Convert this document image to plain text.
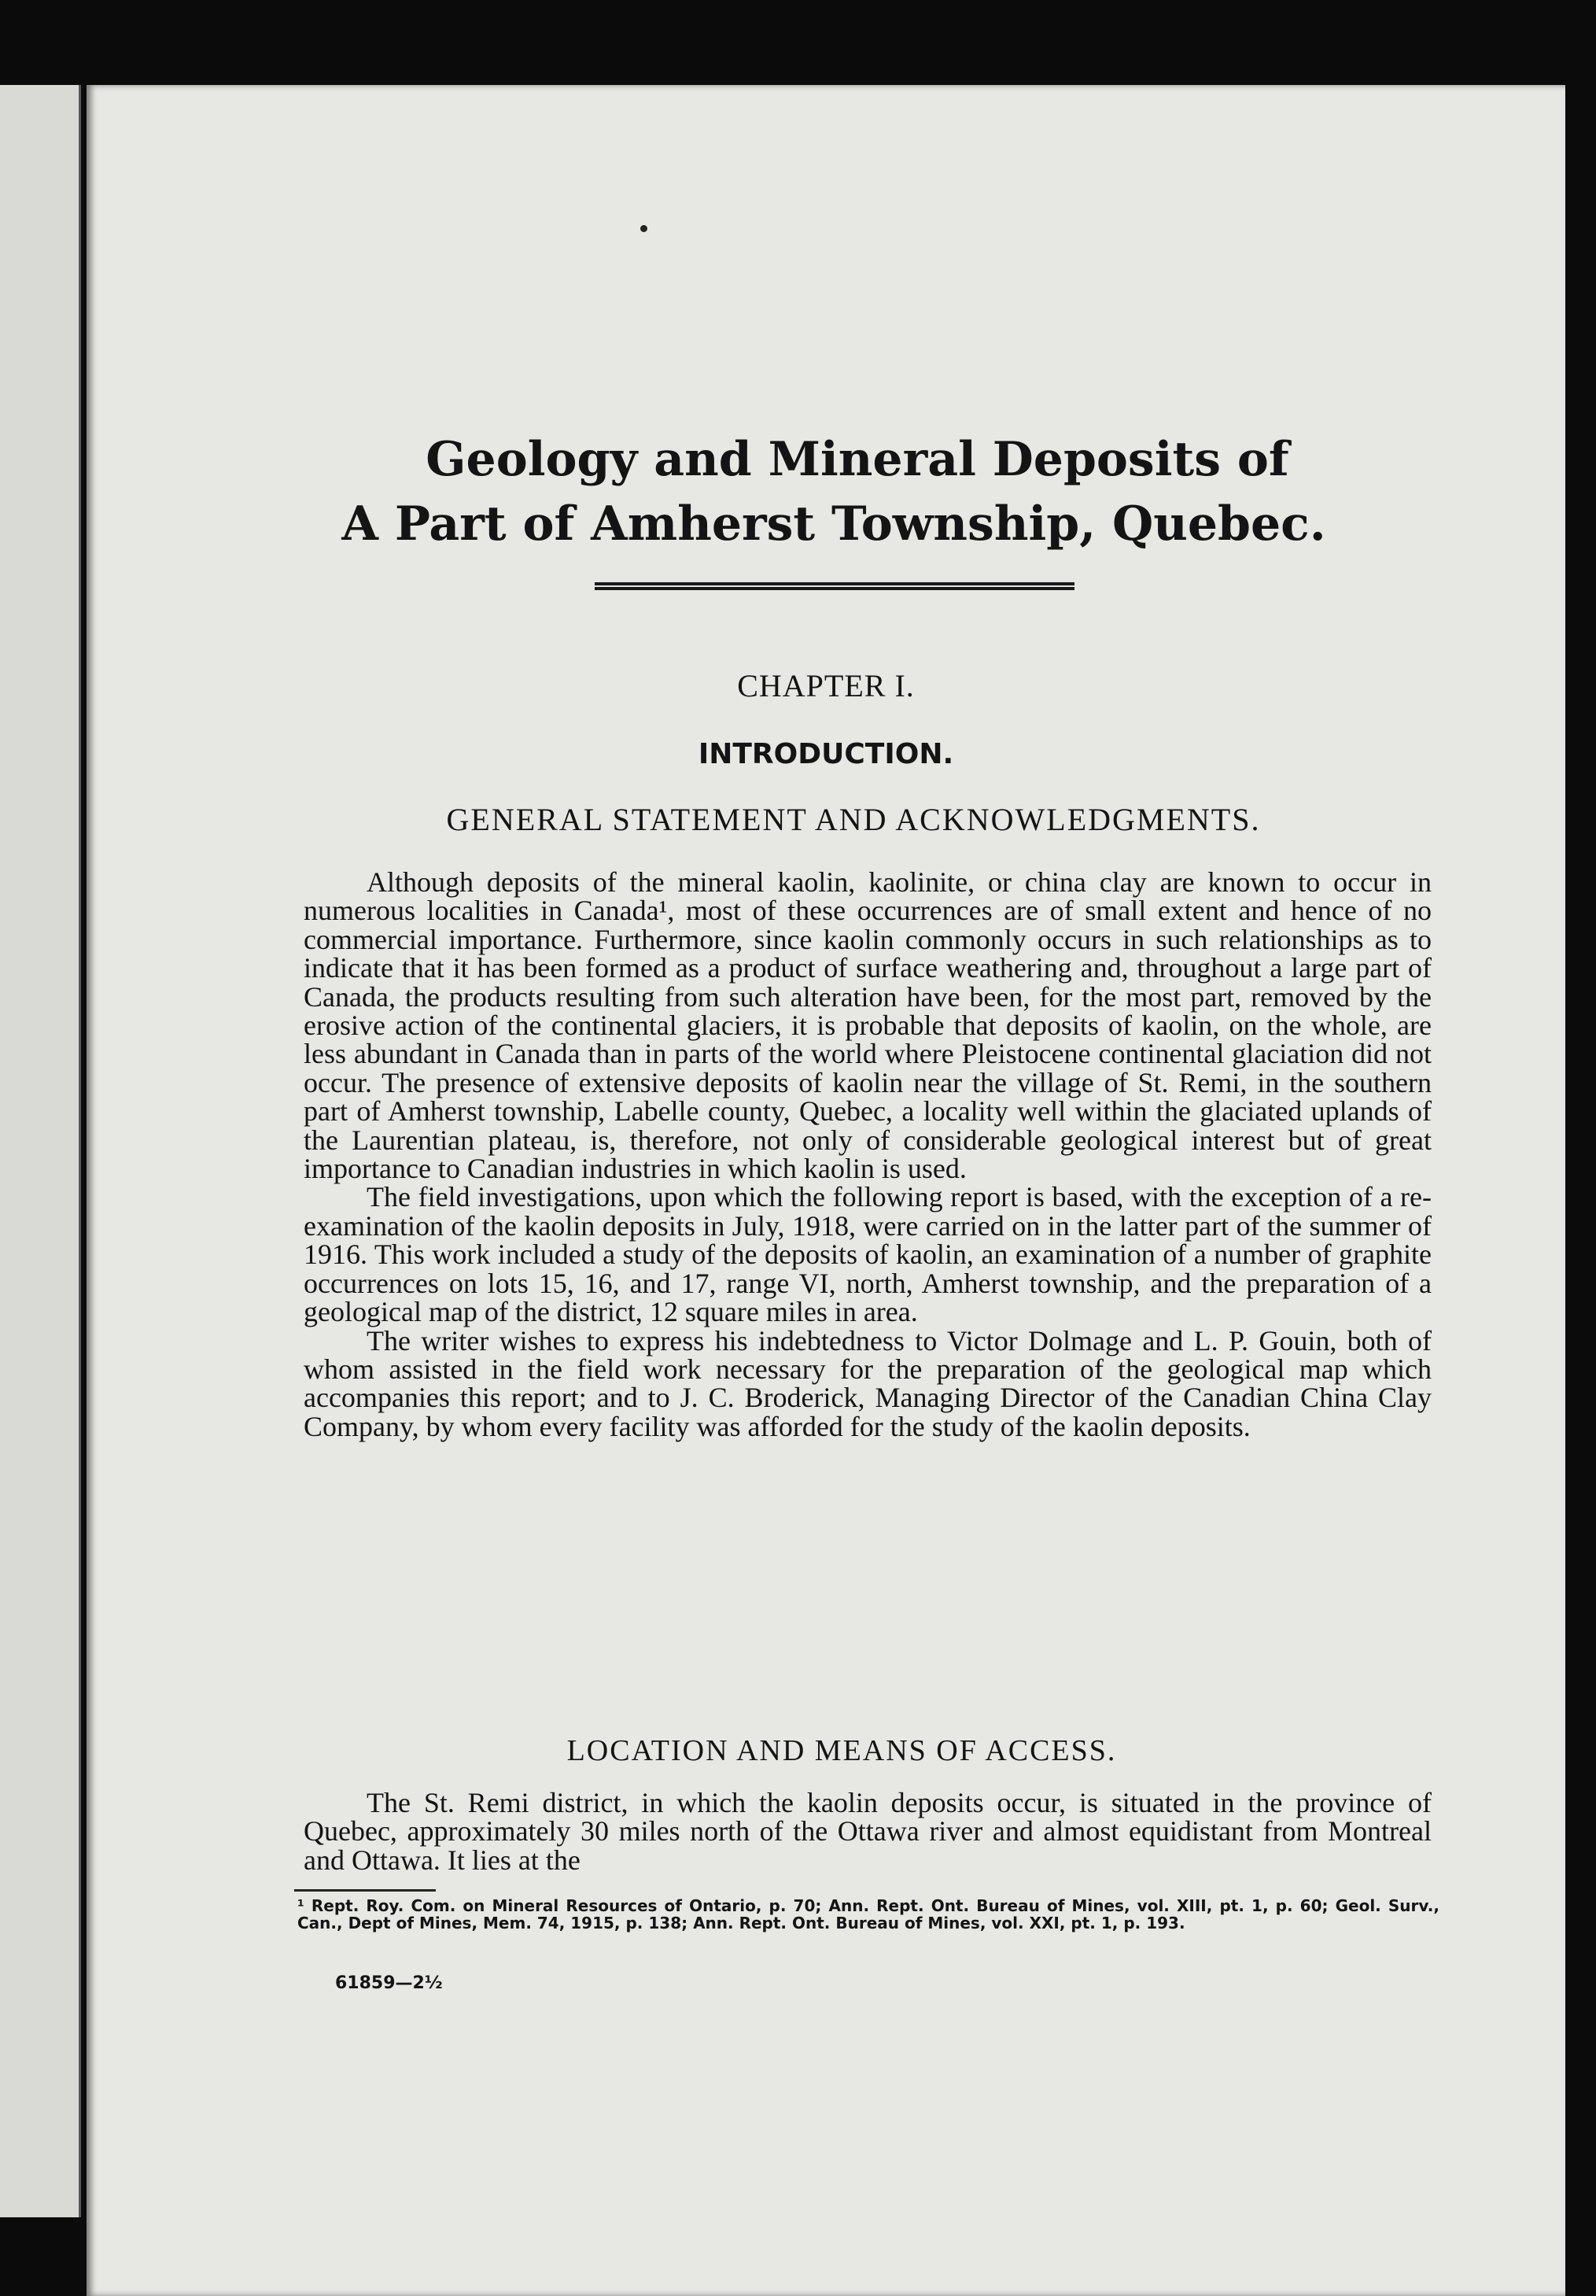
Geology and Mineral Deposits of
A Part of Amherst Township, Quebec.
CHAPTER I.
INTRODUCTION.
GENERAL STATEMENT AND ACKNOWLEDGMENTS.

Although deposits of the mineral kaolin, kaolinite, or china clay are known to occur in numerous localities in Canada¹, most of these occurrences are of small extent and hence of no commercial importance. Furthermore, since kaolin commonly occurs in such relationships as to indicate that it has been formed as a product of surface weathering and, throughout a large part of Canada, the products resulting from such alteration have been, for the most part, removed by the erosive action of the continental glaciers, it is probable that deposits of kaolin, on the whole, are less abundant in Canada than in parts of the world where Pleistocene continental glaciation did not occur. The presence of extensive deposits of kaolin near the village of St. Remi, in the southern part of Amherst township, Labelle county, Quebec, a locality well within the glaciated uplands of the Laurentian plateau, is, therefore, not only of considerable geological interest but of great importance to Canadian industries in which kaolin is used.

The field investigations, upon which the following report is based, with the exception of a re-examination of the kaolin deposits in July, 1918, were carried on in the latter part of the summer of 1916. This work included a study of the deposits of kaolin, an examination of a number of graphite occurrences on lots 15, 16, and 17, range VI, north, Amherst township, and the preparation of a geological map of the district, 12 square miles in area.

The writer wishes to express his indebtedness to Victor Dolmage and L. P. Gouin, both of whom assisted in the field work necessary for the preparation of the geological map which accompanies this report; and to J. C. Broderick, Managing Director of the Canadian China Clay Company, by whom every facility was afforded for the study of the kaolin deposits.

LOCATION AND MEANS OF ACCESS.

The St. Remi district, in which the kaolin deposits occur, is situated in the province of Quebec, approximately 30 miles north of the Ottawa river and almost equidistant from Montreal and Ottawa. It lies at the

¹ Rept. Roy. Com. on Mineral Resources of Ontario, p. 70; Ann. Rept. Ont. Bureau of Mines, vol. XIII, pt. 1, p. 60; Geol. Surv., Can., Dept of Mines, Mem. 74, 1915, p. 138; Ann. Rept. Ont. Bureau of Mines, vol. XXI, pt. 1, p. 193.
61859—2½
